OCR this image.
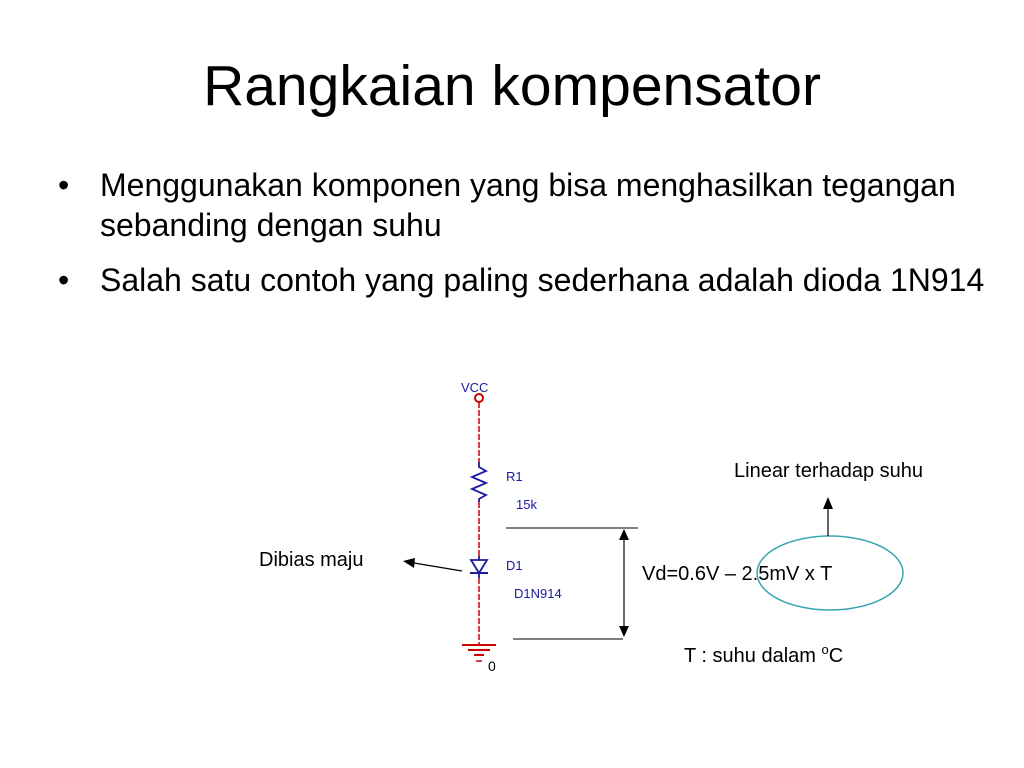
Rangkaian kompensator
• Menggunakan komponen yang bisa menghasilkan tegangan sebanding dengan suhu
• Salah satu contoh yang paling sederhana adalah dioda 1N914
VCC
R1
15k
D1
D1N914
0
Dibias maju
Vd=0.6V – 2.5mV x T
Linear terhadap suhu
T : suhu dalam $^o$C
